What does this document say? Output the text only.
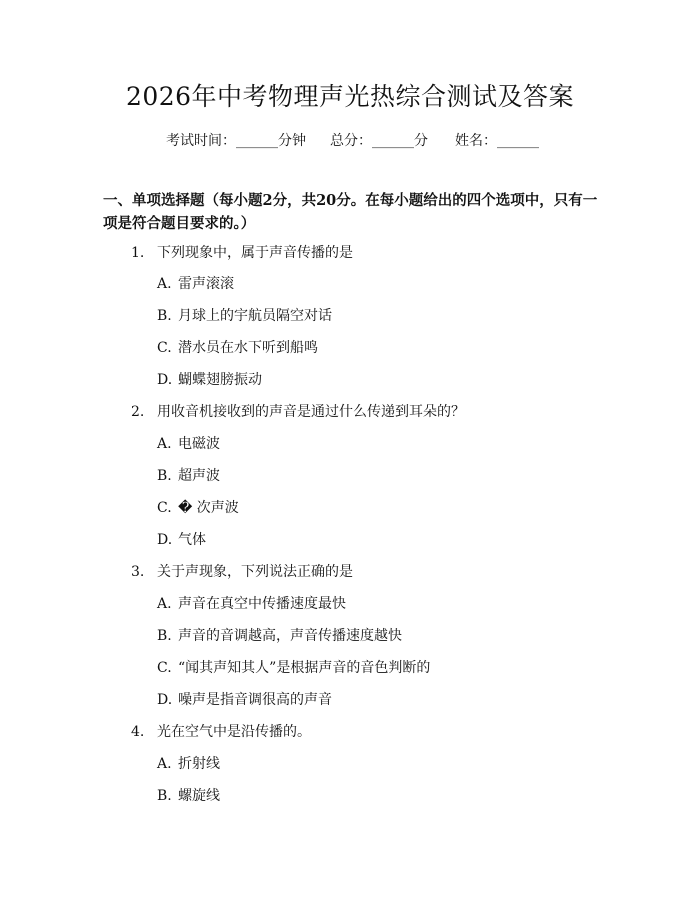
2026年中考物理声光热综合测试及答案
考试时间：______分钟 总分：______分 姓名：______
一、单项选择题（每小题2分，共20分。在每小题给出的四个选项中，只有一项是符合题目要求的。）
1. 下列现象中，属于声音传播的是
A. 雷声滚滚
B. 月球上的宇航员隔空对话
C. 潜水员在水下听到船鸣
D. 蝴蝶翅膀振动
2. 用收音机接收到的声音是通过什么传递到耳朵的？
A. 电磁波
B. 超声波
C. � 次声波
D. 气体
3. 关于声现象，下列说法正确的是
A. 声音在真空中传播速度最快
B. 声音的音调越高，声音传播速度越快
C. “闻其声知其人”是根据声音的音色判断的
D. 噪声是指音调很高的声音
4. 光在空气中是沿传播的。
A. 折射线
B. 螺旋线
